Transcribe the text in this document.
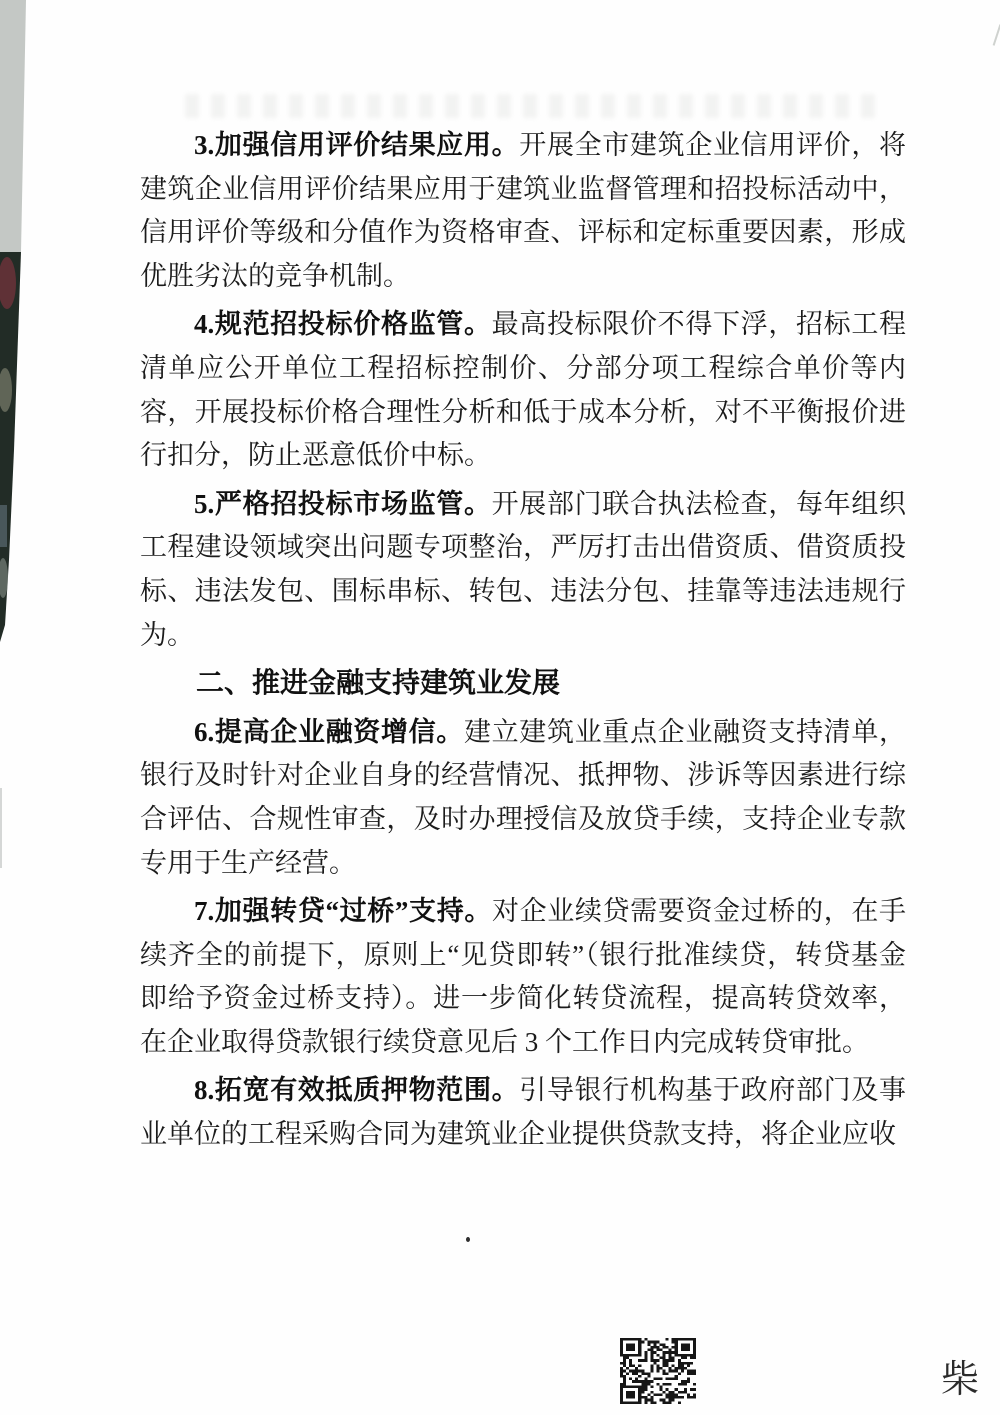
3.加强信用评价结果应用。开展全市建筑企业信用评价，将建筑企业信用评价结果应用于建筑业监督管理和招投标活动中，信用评价等级和分值作为资格审查、评标和定标重要因素，形成优胜劣汰的竞争机制。

4.规范招投标价格监管。最高投标限价不得下浮，招标工程清单应公开单位工程招标控制价、分部分项工程综合单价等内容，开展投标价格合理性分析和低于成本分析，对不平衡报价进行扣分，防止恶意低价中标。

5.严格招投标市场监管。开展部门联合执法检查，每年组织工程建设领域突出问题专项整治，严厉打击出借资质、借资质投标、违法发包、围标串标、转包、违法分包、挂靠等违法违规行为。

二、推进金融支持建筑业发展

6.提高企业融资增信。建立建筑业重点企业融资支持清单，银行及时针对企业自身的经营情况、抵押物、涉诉等因素进行综合评估、合规性审查，及时办理授信及放贷手续，支持企业专款专用于生产经营。

7.加强转贷“过桥”支持。对企业续贷需要资金过桥的，在手续齐全的前提下，原则上“见贷即转”（银行批准续贷，转贷基金即给予资金过桥支持）。进一步简化转贷流程，提高转贷效率，在企业取得贷款银行续贷意见后 3 个工作日内完成转贷审批。

8.拓宽有效抵质押物范围。引导银行机构基于政府部门及事业单位的工程采购合同为建筑业企业提供贷款支持，将企业应收

柴
